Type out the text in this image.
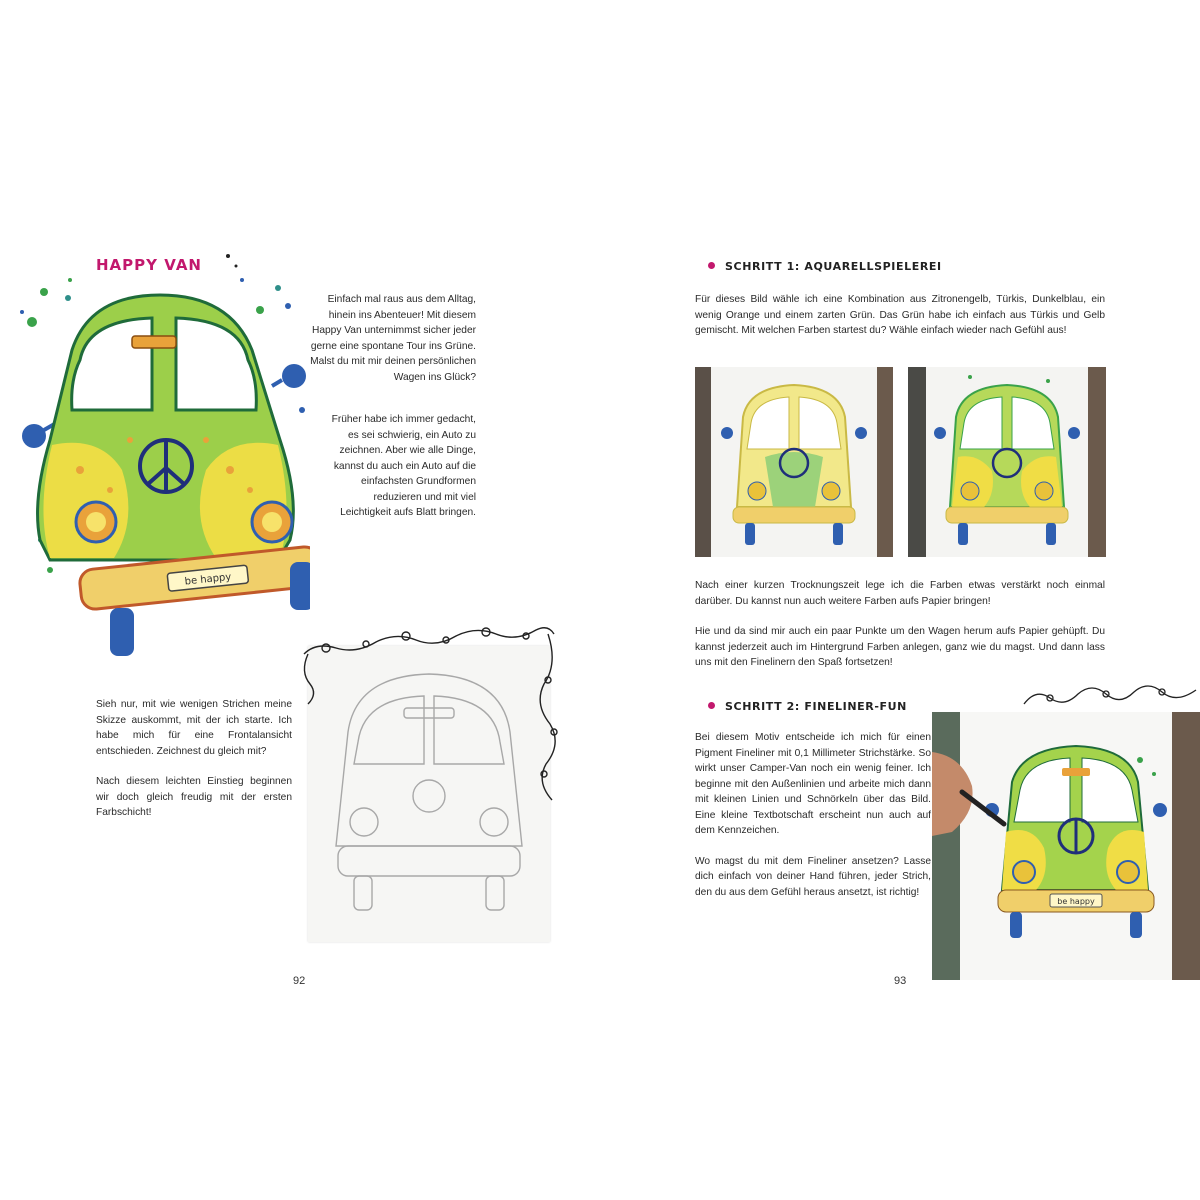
HAPPY VAN
be happy

Einfach mal raus aus dem Alltag, hinein ins Abenteuer! Mit diesem Happy Van unternimmst sicher jeder gerne eine spontane Tour ins Grüne. Malst du mit mir deinen persönlichen Wagen ins Glück?

Früher habe ich immer gedacht, es sei schwierig, ein Auto zu zeichnen. Aber wie alle Dinge, kannst du auch ein Auto auf die einfachsten Grundformen reduzieren und mit viel Leichtigkeit aufs Blatt bringen.

Sieh nur, mit wie wenigen Strichen meine Skizze auskommt, mit der ich starte. Ich habe mich für eine Frontalansicht entschieden. Zeichnest du gleich mit?

Nach diesem leichten Einstieg beginnen wir doch gleich freudig mit der ersten Farbschicht!

92
SCHRITT 1: AQUARELLSPIELEREI

Für dieses Bild wähle ich eine Kombination aus Zitronengelb, Türkis, Dunkelblau, ein wenig Orange und einem zarten Grün. Das Grün habe ich einfach aus Türkis und Gelb gemischt. Mit welchen Farben startest du? Wähle einfach wieder nach Gefühl aus!

Nach einer kurzen Trocknungszeit lege ich die Farben etwas verstärkt noch einmal darüber. Du kannst nun auch weitere Farben aufs Papier bringen!

Hie und da sind mir auch ein paar Punkte um den Wagen herum aufs Papier gehüpft. Du kannst jederzeit auch im Hintergrund Farben anlegen, ganz wie du magst. Und dann lass uns mit den Finelinern den Spaß fortsetzen!

SCHRITT 2: FINELINER-FUN

Bei diesem Motiv entscheide ich mich für einen Pigment Fineliner mit 0,1 Millimeter Strichstärke. So wirkt unser Camper-Van noch ein wenig feiner. Ich beginne mit den Außenlinien und arbeite mich dann mit kleinen Linien und Schnörkeln über das Bild. Eine kleine Textbotschaft erscheint nun auch auf dem Kennzeichen.

Wo magst du mit dem Fineliner ansetzen? Lasse dich einfach von deiner Hand führen, jeder Strich, den du aus dem Gefühl heraus ansetzt, ist richtig!

be happy
93
